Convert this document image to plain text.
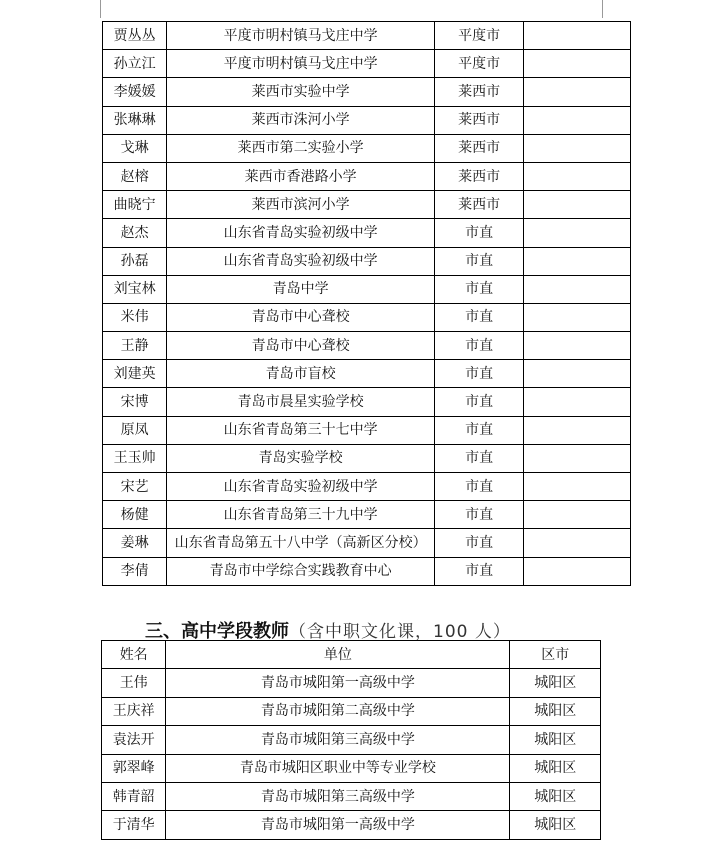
贾丛丛	平度市明村镇马戈庄中学	平度市	
孙立江	平度市明村镇马戈庄中学	平度市	
李媛媛	莱西市实验中学	莱西市	
张琳琳	莱西市洙河小学	莱西市	
戈琳	莱西市第二实验小学	莱西市	
赵榕	莱西市香港路小学	莱西市	
曲晓宁	莱西市滨河小学	莱西市	
赵杰	山东省青岛实验初级中学	市直	
孙磊	山东省青岛实验初级中学	市直	
刘宝林	青岛中学	市直	
米伟	青岛市中心聋校	市直	
王静	青岛市中心聋校	市直	
刘建英	青岛市盲校	市直	
宋博	青岛市晨星实验学校	市直	
原凤	山东省青岛第三十七中学	市直	
王玉帅	青岛实验学校	市直	
宋艺	山东省青岛实验初级中学	市直	
杨健	山东省青岛第三十九中学	市直	
姜琳	山东省青岛第五十八中学（高新区分校）	市直	
李倩	青岛市中学综合实践教育中心	市直	
三、高中学段教师（含中职文化课，100 人）
姓名	单位	区市
王伟	青岛市城阳第一高级中学	城阳区
王庆祥	青岛市城阳第二高级中学	城阳区
袁法开	青岛市城阳第三高级中学	城阳区
郭翠峰	青岛市城阳区职业中等专业学校	城阳区
韩青韶	青岛市城阳第三高级中学	城阳区
于清华	青岛市城阳第一高级中学	城阳区
